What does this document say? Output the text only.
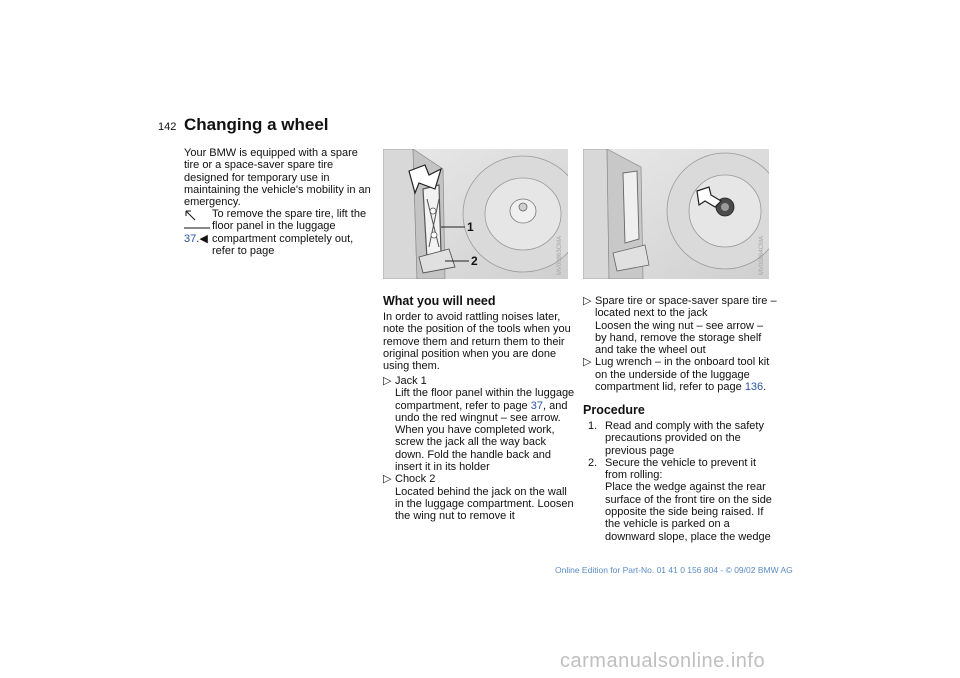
142 Changing a wheel
Your BMW is equipped with a spare tire or a space-saver spare tire designed for temporary use in maintaining the vehicle's mobility in an emergency.
To remove the spare tire, lift the floor panel in the luggage compartment completely out, refer to page
37.◀
1
2	MV00863CMA	MV00864CMA
What you will need
In order to avoid rattling noises later, note the position of the tools when you remove them and return them to their original position when you are done using them.
▷ Jack 1
Lift the floor panel within the luggage compartment, refer to page 37, and undo the red wingnut – see arrow. When you have completed work, screw the jack all the way back down. Fold the handle back and insert it in its holder
▷ Chock 2
Located behind the jack on the wall in the luggage compartment. Loosen the wing nut to remove it
▷ Spare tire or space-saver spare tire – located next to the jack
Loosen the wing nut – see arrow – by hand, remove the storage shelf and take the wheel out
▷ Lug wrench – in the onboard tool kit on the underside of the luggage compartment lid, refer to page 136.
Procedure
1. Read and comply with the safety precautions provided on the previous page
2. Secure the vehicle to prevent it from rolling:
Place the wedge against the rear surface of the front tire on the side opposite the side being raised. If the vehicle is parked on a downward slope, place the wedge
Online Edition for Part-No. 01 41 0 156 804 - © 09/02 BMW AG
carmanualsonline.info
